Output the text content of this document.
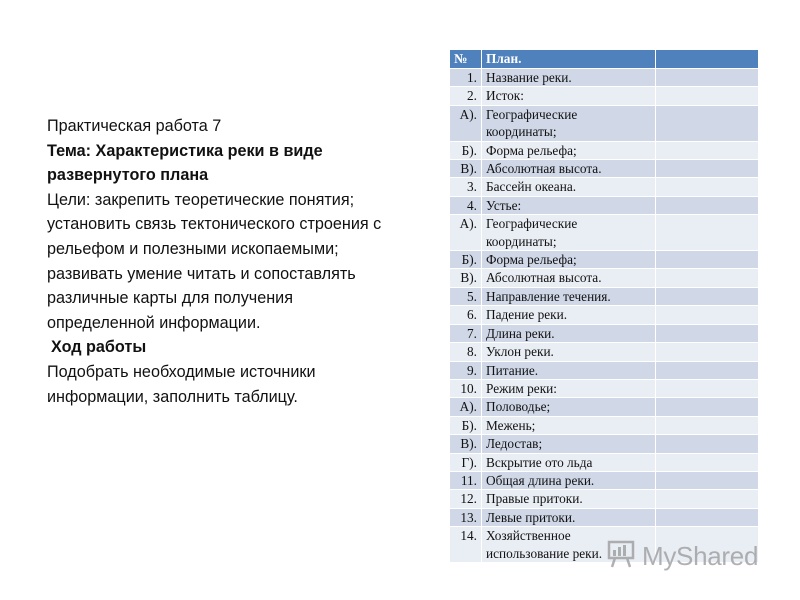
Практическая работа 7
Тема: Характеристика реки в виде
развернутого плана
Цели: закрепить теоретические понятия;
установить связь тектонического строения с
рельефом и полезными ископаемыми;
развивать умение читать и сопоставлять
различные карты для получения
определенной информации.
Ход работы
Подобрать необходимые источники
информации, заполнить таблицу.
№	План.	
1.	Название реки.	
2.	Исток:	
А).	Географические координаты;	
Б).	Форма рельефа;	
В).	Абсолютная высота.	
3.	Бассейн океана.	
4.	Устье:	
А).	Географические координаты;	
Б).	Форма рельефа;	
В).	Абсолютная высота.	
5.	Направление течения.	
6.	Падение реки.	
7.	Длина реки.	
8.	Уклон реки.	
9.	Питание.	
10.	Режим реки:	
А).	Половодье;	
Б).	Межень;	
В).	Ледостав;	
Г).	Вскрытие ото льда	
11.	Общая длина реки.	
12.	Правые притоки.	
13.	Левые притоки.	
14.	Хозяйственное использование реки.	MyShared
